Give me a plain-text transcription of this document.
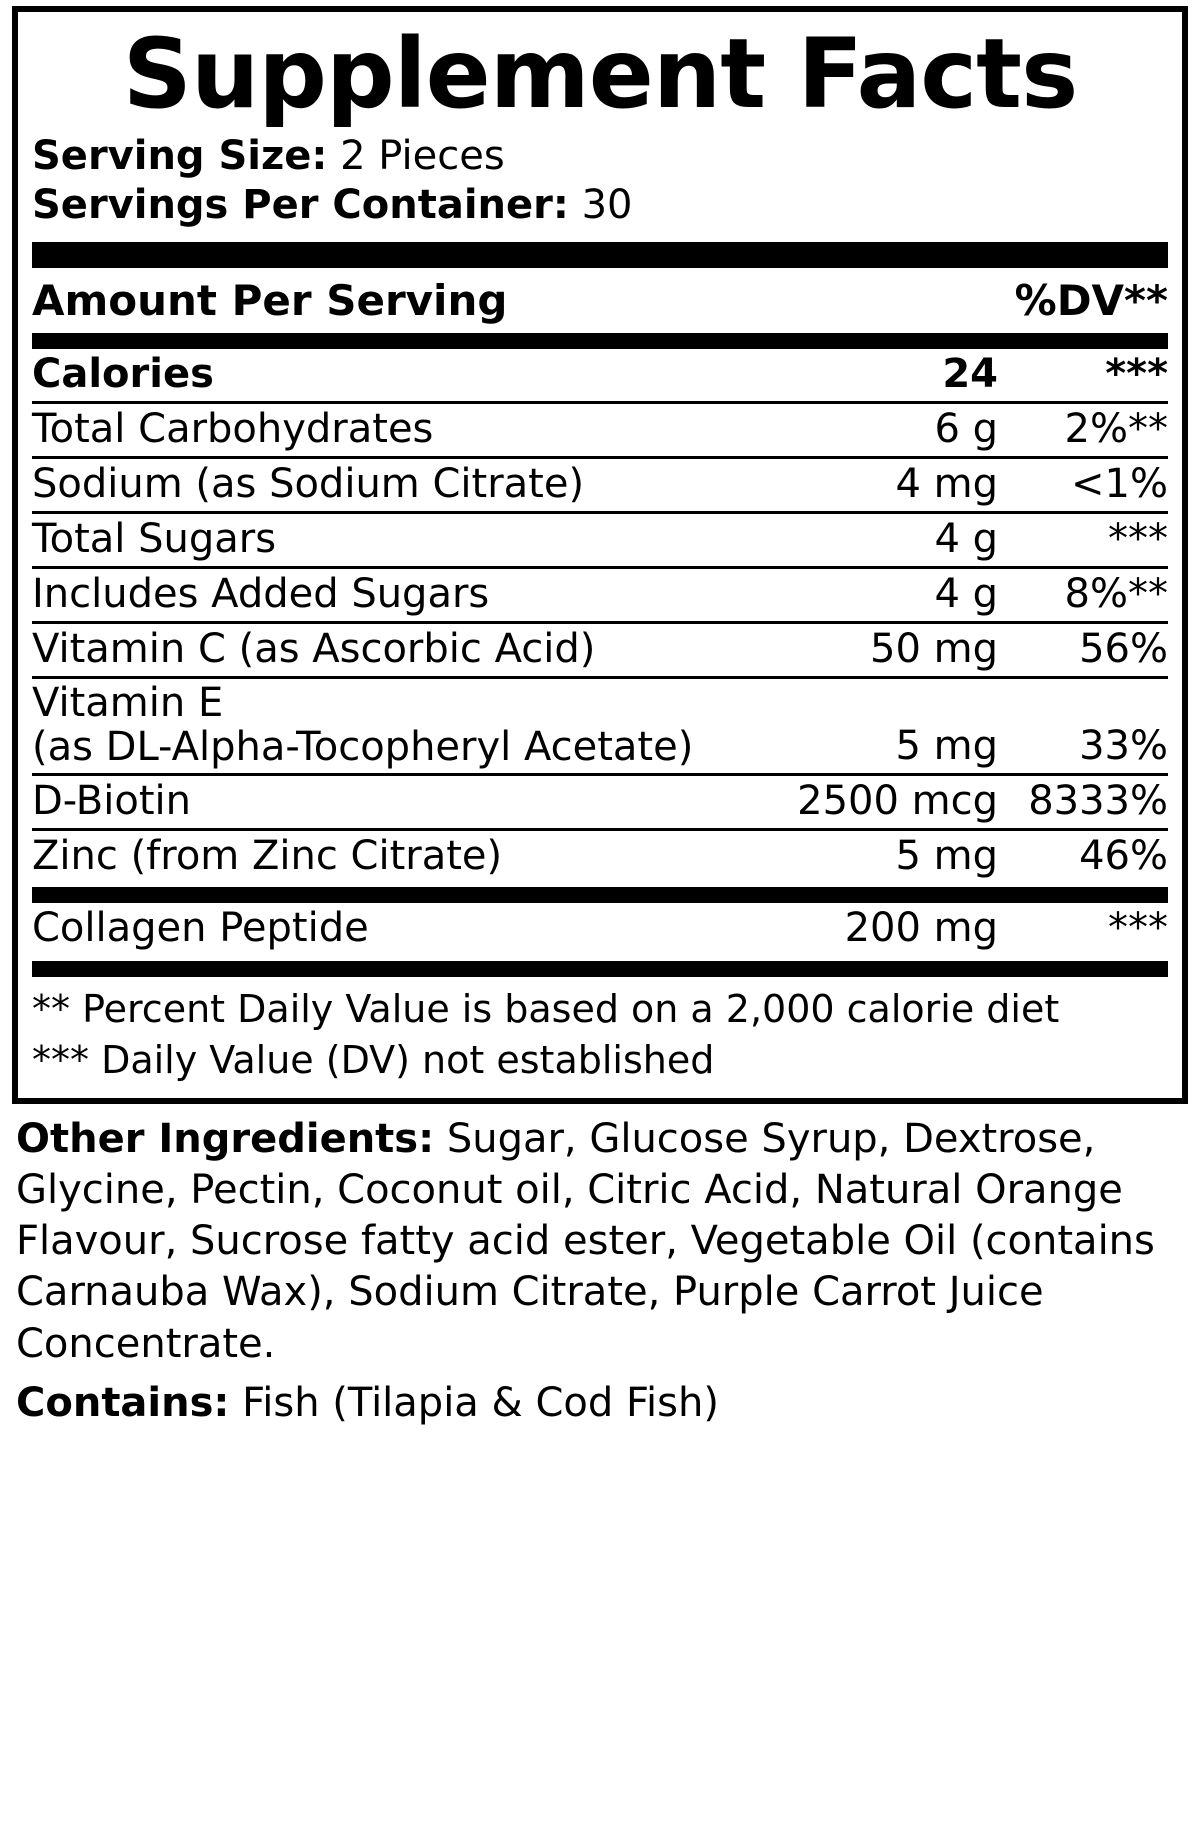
Supplement Facts
Serving Size: 2 Pieces
Servings Per Container: 30
Amount Per Serving	%DV**
Calories	24	***
Total Carbohydrates	6 g	2%**
Sodium (as Sodium Citrate)	4 mg	<1%
Total Sugars	4 g	***
Includes Added Sugars	4 g	8%**
Vitamin C (as Ascorbic Acid)	50 mg	56%

Vitamin E
(as DL-Alpha-Tocopheryl Acetate)	5 mg	33%
D-Biotin	2500 mcg	8333%
Zinc (from Zinc Citrate)	5 mg	46%
Collagen Peptide	200 mg	***
** Percent Daily Value is based on a 2,000 calorie diet
*** Daily Value (DV) not established
Other Ingredients: Sugar, Glucose Syrup, Dextrose, Glycine, Pectin, Coconut oil, Citric Acid, Natural Orange Flavour, Sucrose fatty acid ester, Vegetable Oil (contains Carnauba Wax), Sodium Citrate, Purple Carrot Juice Concentrate.
Contains: Fish (Tilapia & Cod Fish)
